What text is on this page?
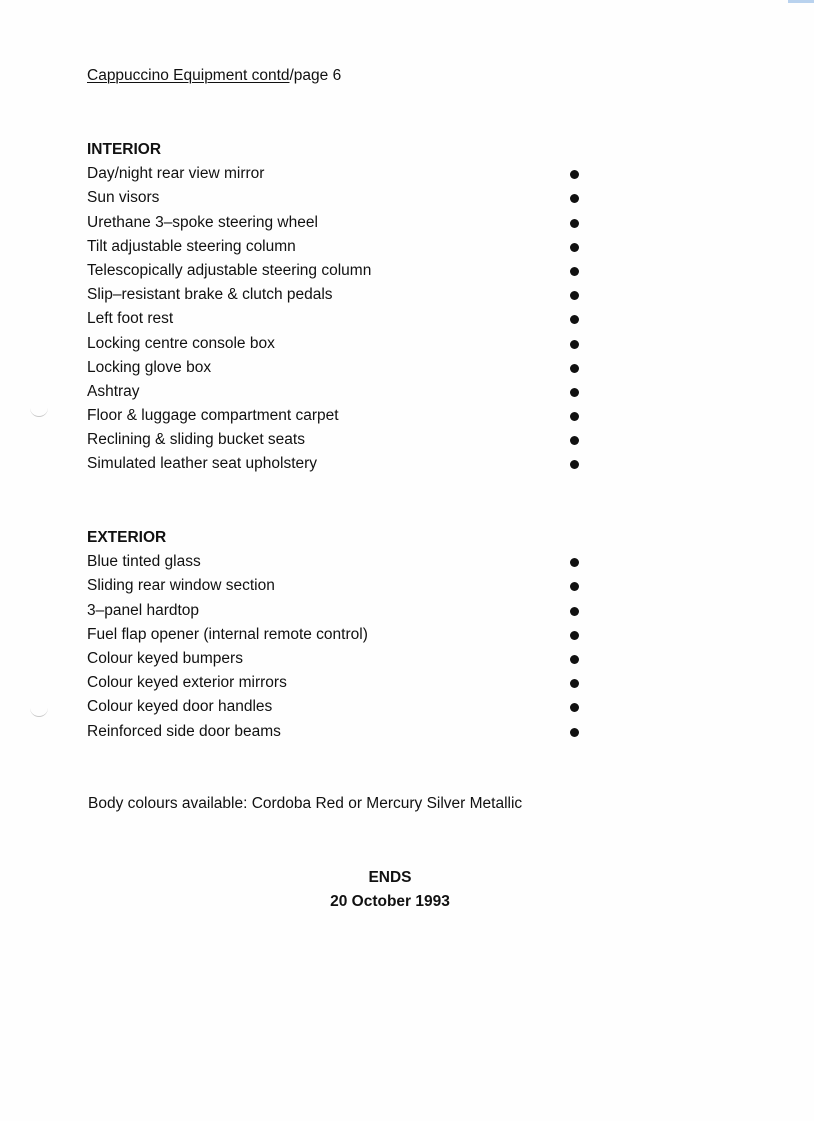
Cappuccino Equipment contd/page 6
INTERIOR
Day/night rear view mirror
Sun visors
Urethane 3–spoke steering wheel
Tilt adjustable steering column
Telescopically adjustable steering column
Slip–resistant brake & clutch pedals
Left foot rest
Locking centre console box
Locking glove box
Ashtray
Floor & luggage compartment carpet
Reclining & sliding bucket seats
Simulated leather seat upholstery
EXTERIOR
Blue tinted glass
Sliding rear window section
3–panel hardtop
Fuel flap opener (internal remote control)
Colour keyed bumpers
Colour keyed exterior mirrors
Colour keyed door handles
Reinforced side door beams
Body colours available: Cordoba Red or Mercury Silver Metallic
ENDS
20 October 1993
